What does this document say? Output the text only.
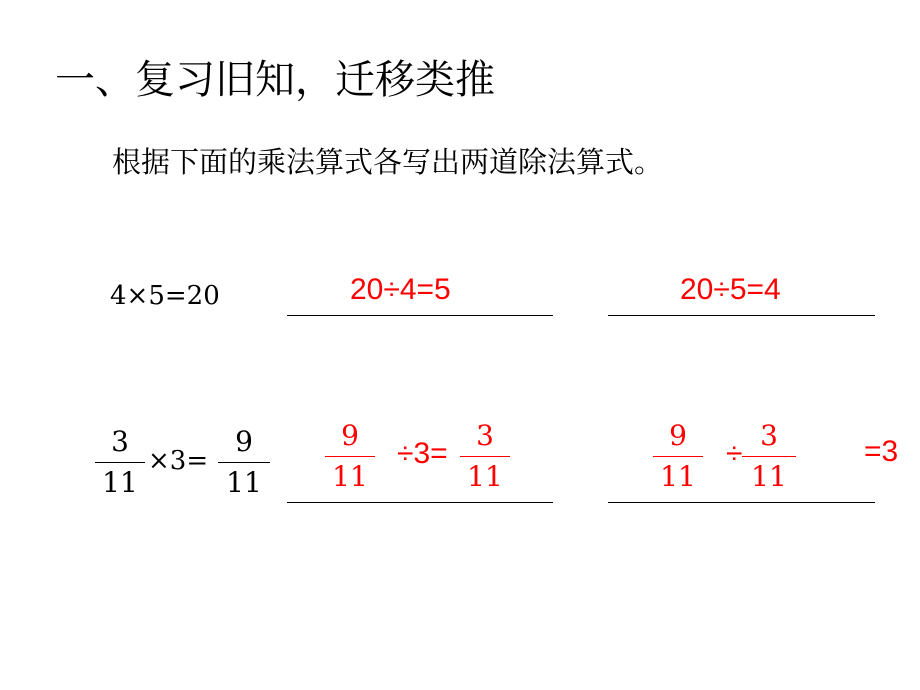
一、复习旧知，迁移类推
根据下面的乘法算式各写出两道除法算式。
4×5=20	20÷4=5	20÷5=4
3
11
×3=
9
11
9
11
÷3=
3
11
9
11
÷
3
11
=3
